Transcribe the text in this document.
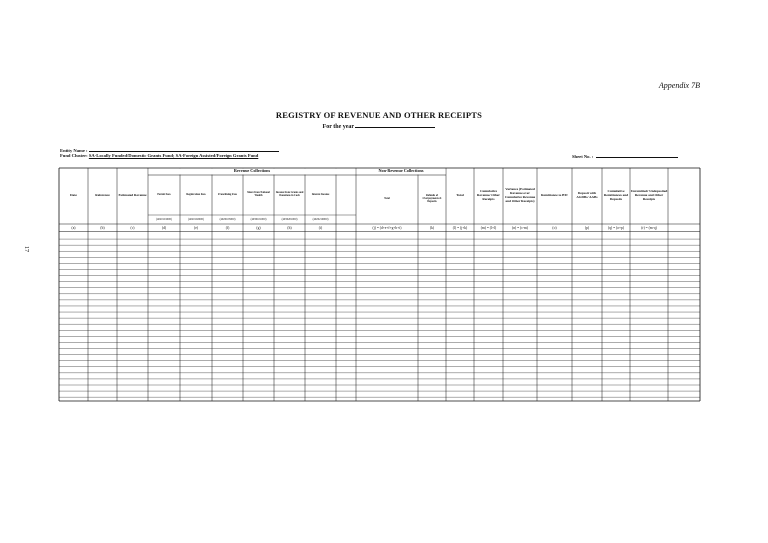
Appendix 7B
REGISTRY OF REVENUE AND OTHER RECEIPTS
For the year
Entity Name :
Fund Cluster: SA-Locally Funded/Domestic Grants Fund; SA-Foreign Assisted/Foreign Grants Fund	Sheet No. :
17
Revenue Collections	Non-Revenue Collections
Date
(a)
Reference
(b)
Estimated Revenue
(c)
Permit Fees
(4020101000)
(d)
Registration Fees
(4020102000)
(e)
Franchising Fees
(4020103000)
(f)
Share from National Wealth
(4030101000)
(g)
Income from Grants and Donations in Cash
(4030201000)
(h)
Interest Income
(4020210000)
(i)
Total
(j) = (d+e+f+g+h+i)
Refunds of Overpayments & Deposits
(k)
Total
(l) = (j+k)
Cumulative Revenue/ Other Receipts
(m) = (l+l)
Variance (Estimated Revenue over Cumulative Revenue and Other Receipts)
(n) = (c-m)
Remittance to BTr
(o)
Deposit with AGDBs/ AABs
(p)
Cumulative Remittances and Deposits
(q) = (o+p)
Unremitted/ Undeposited Revenue and Other Receipts
(r) = (m-q)
